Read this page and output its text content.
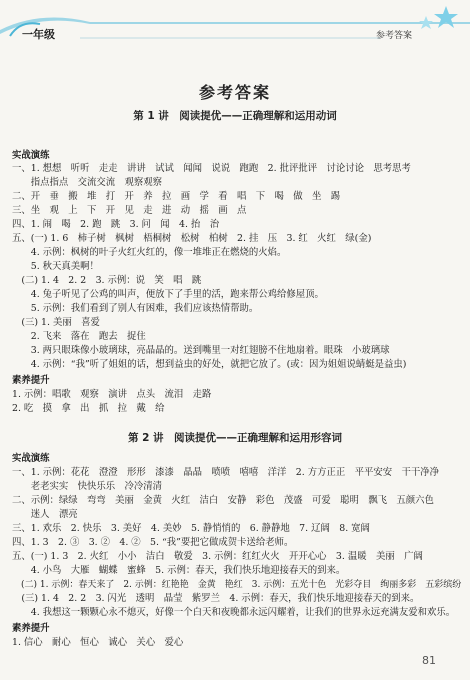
一年级	参考答案
参考答案
第 1 讲　阅读提优——正确理解和运用动词
实战演练
一、1. 想想　听听　走走　讲讲　试试　闻闻　说说　跑跑　2. 批评批评　讨论讨论　思考思考
　　指点指点　交流交流　观察观察
二、开　垂　搬　堆　打　开　养　拉　画　学　看　唱　下　喝　做　坐　踢
三、坐　观　上　下　开　见　走　进　动　摇　画　点
四、1. 闹　喝　2. 跑　跳　3. 问　闻　4. 抬　治
五、(一) 1. 6　柿子树　枫树　梧桐树　松树　柏树　2. 挂　压　3. 红　火红　绿(金)
　　4. 示例：枫树的叶子火红火红的，像一堆堆正在燃烧的火焰。
　　5. 秋天真美啊！
　(二) 1. 4　2. 2　3. 示例：说　笑　唱　跳
　　4. 兔子听见了公鸡的叫声，便放下了手里的活，跑来帮公鸡给修屋顶。
　　5. 示例：我们看到了别人有困难，我们应该热情帮助。
　(三) 1. 美丽　喜爱
　　2. 飞来　落在　跑去　捉住
　　3. 两只眼珠像小玻璃球，亮晶晶的。送到嘴里一对红翅膀不住地扇着。眼珠　小玻璃球
　　4. 示例：“我”听了姐姐的话，想到益虫的好处，就把它放了。(或：因为姐姐说蜻蜓是益虫)
素养提升
1. 示例：唱歌　观察　演讲　点头　流泪　走路
2. 吃　摸　拿　出　抓　拉　戴　给
第 2 讲　阅读提优——正确理解和运用形容词
实战演练
一、1. 示例：花花　澄澄　形形　漆漆　晶晶　喷喷　嘻嘻　洋洋　2. 方方正正　平平安安　干干净净
　　老老实实　快快乐乐　冷冷清清
二、示例：绿绿　弯弯　美丽　金黄　火红　洁白　安静　彩色　茂盛　可爱　聪明　飘飞　五颜六色
　　迷人　漂亮
三、1. 欢乐　2. 快乐　3. 美好　4. 美妙　5. 静悄悄的　6. 静静地　7. 辽阔　8. 宽阔
四、1. 3　2. ③　3. ②　4. ②　5. “我”要把它做成贺卡送给老师。
五、(一) 1. 3　2. 火红　小小　洁白　敬爱　3. 示例：红红火火　开开心心　3. 温暖　美丽　广阔
　　4. 小鸟　大雁　蝴蝶　蜜蜂　5. 示例：春天，我们快乐地迎接春天的到来。
　(二) 1. 示例：春天来了　2. 示例：红艳艳　金黄　艳红　3. 示例：五光十色　光彩夺目　绚丽多彩　五彩缤纷
　(三) 1. 4　2. 2　3. 闪光　透明　晶莹　紫罗兰　4. 示例：春天，我们快乐地迎接春天的到来。
　　4. 我想这一颗颗心永不熄灭，好像一个白天和夜晚都永远闪耀着，让我们的世界永远充满友爱和欢乐。
素养提升
1. 信心　耐心　恒心　诚心　关心　爱心
81
